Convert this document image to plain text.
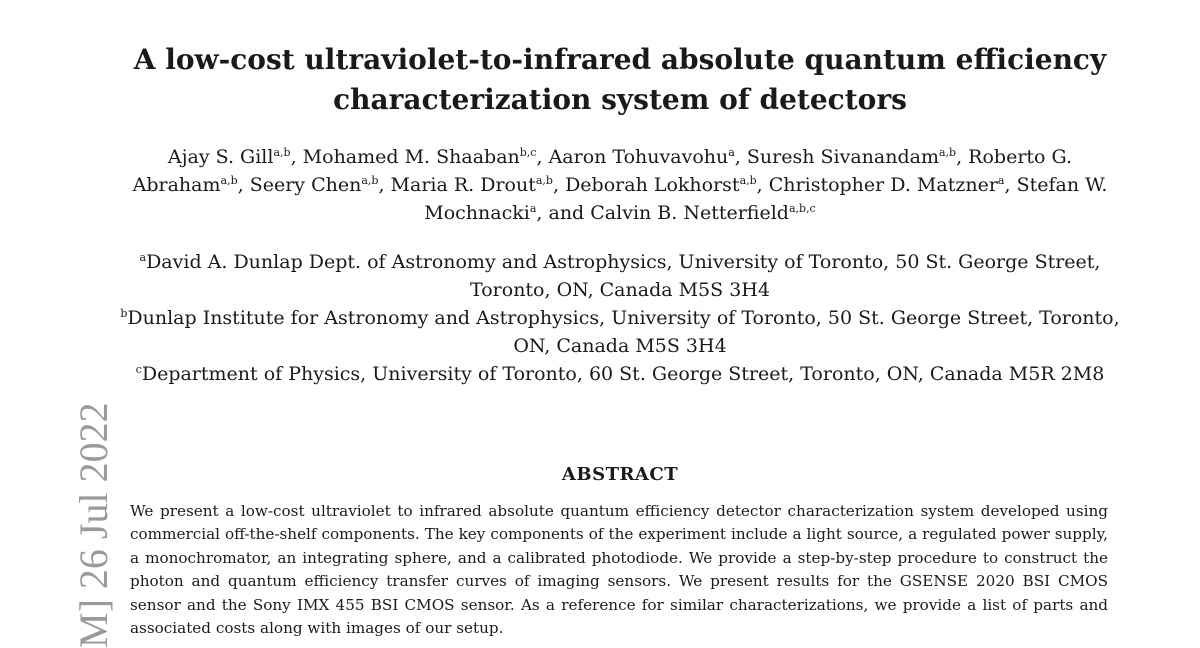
A low-cost ultraviolet-to-infrared absolute quantum efficiency characterization system of detectors

Ajay S. Gill$^{a,b}$, Mohamed M. Shaaban$^{b,c}$, Aaron Tohuvavohu$^a$, Suresh Sivanandam$^{a,b}$, Roberto G. Abraham$^{a,b}$, Seery Chen$^{a,b}$, Maria R. Drout$^{a,b}$, Deborah Lokhorst$^{a,b}$, Christopher D. Matzner$^a$, Stefan W. Mochnacki$^a$, and Calvin B. Netterfield$^{a,b,c}$

$^a$David A. Dunlap Dept. of Astronomy and Astrophysics, University of Toronto, 50 St. George Street, Toronto, ON, Canada M5S 3H4
$^b$Dunlap Institute for Astronomy and Astrophysics, University of Toronto, 50 St. George Street, Toronto, ON, Canada M5S 3H4
$^c$Department of Physics, University of Toronto, 60 St. George Street, Toronto, ON, Canada M5R 2M8
ABSTRACT

We present a low-cost ultraviolet to infrared absolute quantum efficiency detector characterization system developed using commercial off-the-shelf components. The key components of the experiment include a light source, a regulated power supply, a monochromator, an integrating sphere, and a calibrated photodiode. We provide a step-by-step procedure to construct the photon and quantum efficiency transfer curves of imaging sensors. We present results for the GSENSE 2020 BSI CMOS sensor and the Sony IMX 455 BSI CMOS sensor. As a reference for similar characterizations, we provide a list of parts and associated costs along with images of our setup.

M] 26 Jul 2022
